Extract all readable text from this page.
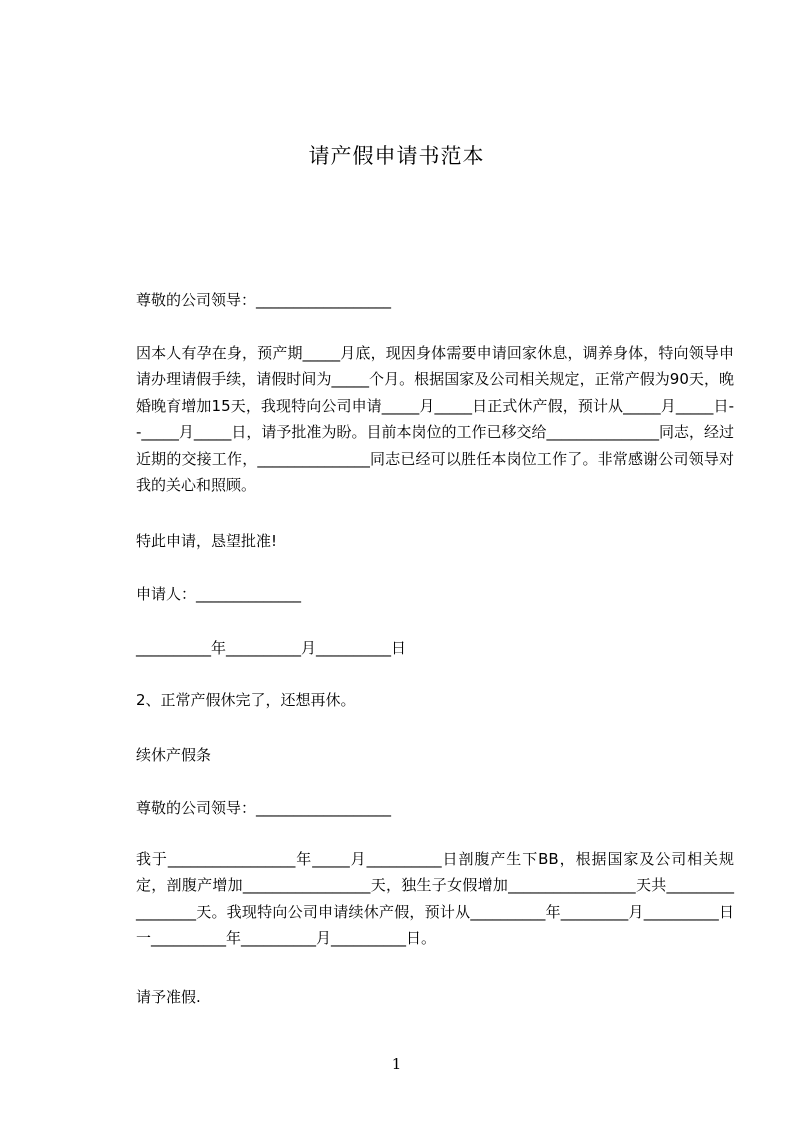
请产假申请书范本
尊敬的公司领导：__________________
因本人有孕在身，预产期_____月底，现因身体需要申请回家休息，调养身体，特向领导申请办理请假手续，请假时间为_____个月。根据国家及公司相关规定，正常产假为90天，晚婚晚育增加15天，我现特向公司申请_____月_____日正式休产假，预计从_____月_____日--_____月_____日，请予批准为盼。目前本岗位的工作已移交给_______________同志，经过近期的交接工作，_______________同志已经可以胜任本岗位工作了。非常感谢公司领导对我的关心和照顾。
特此申请，恳望批准!
申请人：______________
__________年__________月__________日
2、正常产假休完了，还想再休。
续休产假条
尊敬的公司领导：__________________
我于_________________年_____月__________日剖腹产生下BB，根据国家及公司相关规定，剖腹产增加_________________天，独生子女假增加_________________天共_________________天。我现特向公司申请续休产假，预计从__________年_________月__________日一__________年__________月__________日。
请予准假.
1
